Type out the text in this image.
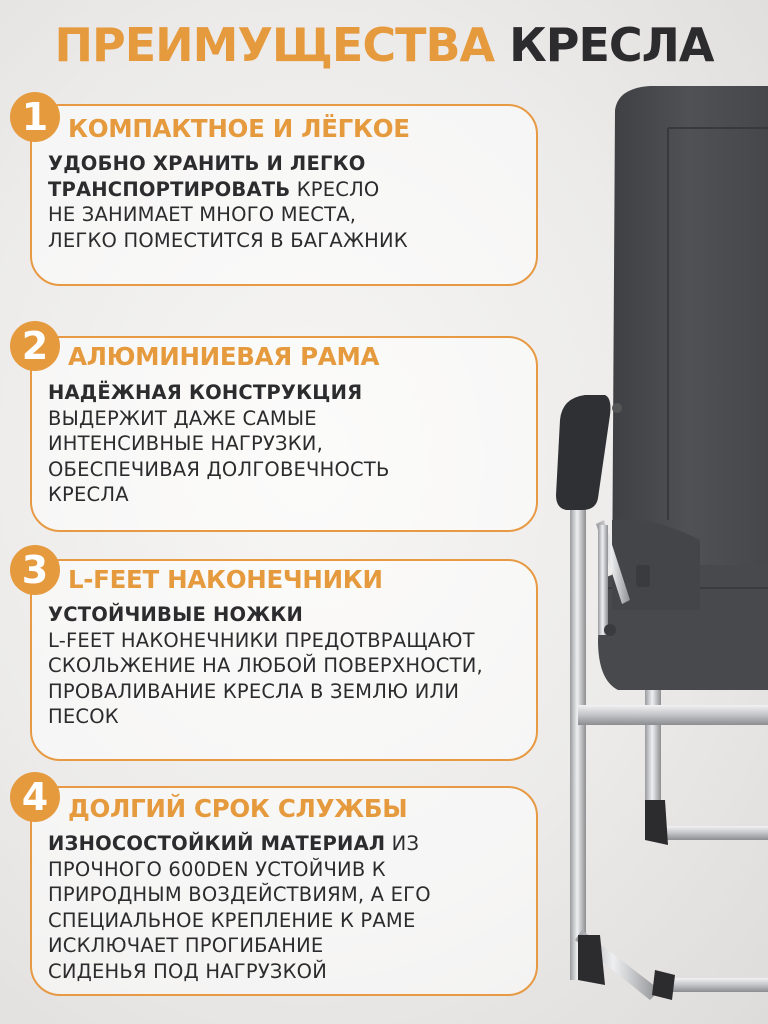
ПРЕИМУЩЕСТВА КРЕСЛА
1 КОМПАКТНОЕ И ЛЁГКОЕ
УДОБНО ХРАНИТЬ И ЛЕГКО
ТРАНСПОРТИРОВАТЬ КРЕСЛО
НЕ ЗАНИМАЕТ МНОГО МЕСТА,
ЛЕГКО ПОМЕСТИТСЯ В БАГАЖНИК
2 АЛЮМИНИЕВАЯ РАМА
НАДЁЖНАЯ КОНСТРУКЦИЯ
ВЫДЕРЖИТ ДАЖЕ САМЫЕ
ИНТЕНСИВНЫЕ НАГРУЗКИ,
ОБЕСПЕЧИВАЯ ДОЛГОВЕЧНОСТЬ
КРЕСЛА
3 L-FEET НАКОНЕЧНИКИ
УСТОЙЧИВЫЕ НОЖКИ
L-FEET НАКОНЕЧНИКИ ПРЕДОТВРАЩАЮТ
СКОЛЬЖЕНИЕ НА ЛЮБОЙ ПОВЕРХНОСТИ,
ПРОВАЛИВАНИЕ КРЕСЛА В ЗЕМЛЮ ИЛИ
ПЕСОК
4 ДОЛГИЙ СРОК СЛУЖБЫ
ИЗНОСОСТОЙКИЙ МАТЕРИАЛ ИЗ
ПРОЧНОГО 600DEN УСТОЙЧИВ К
ПРИРОДНЫМ ВОЗДЕЙСТВИЯМ, А ЕГО
СПЕЦИАЛЬНОЕ КРЕПЛЕНИЕ К РАМЕ
ИСКЛЮЧАЕТ ПРОГИБАНИЕ
СИДЕНЬЯ ПОД НАГРУЗКОЙ
